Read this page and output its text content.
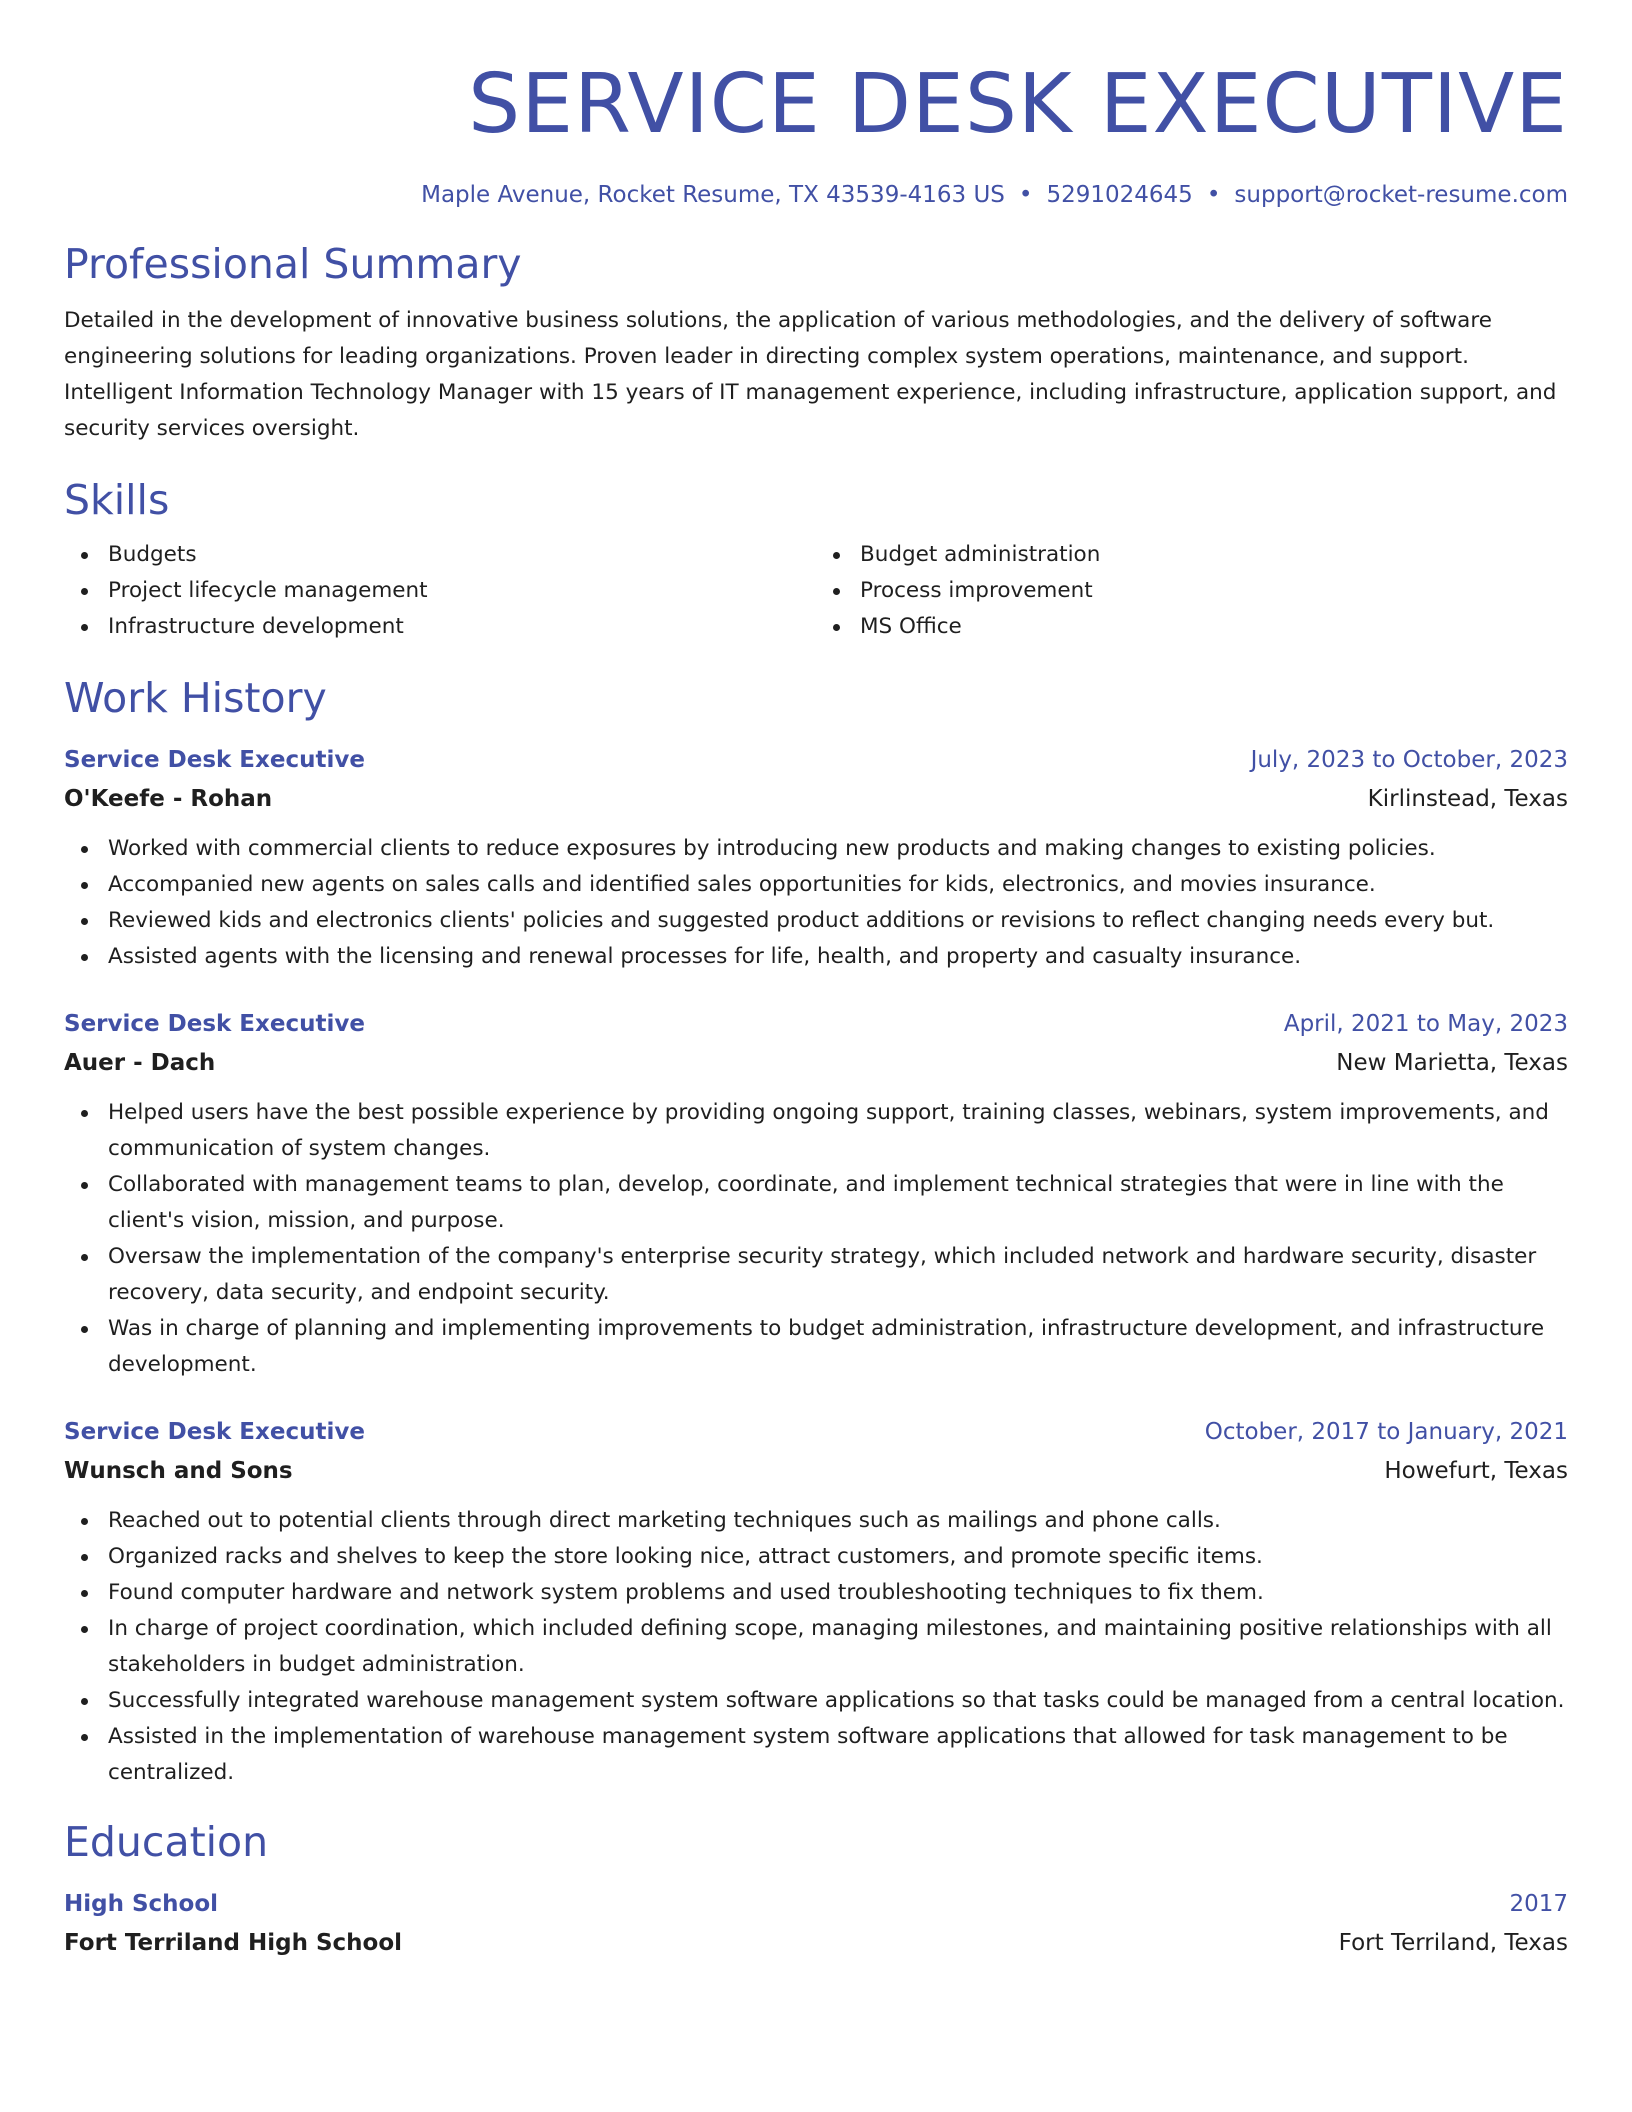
SERVICE DESK EXECUTIVE
Maple Avenue, Rocket Resume, TX 43539-4163 US • 5291024645 • support@rocket-resume.com
Professional Summary

Detailed in the development of innovative business solutions, the application of various methodologies, and the delivery of software engineering solutions for leading organizations. Proven leader in directing complex system operations, maintenance, and support. Intelligent Information Technology Manager with 15 years of IT management experience, including infrastructure, application support, and security services oversight.

Skills
Budgets
Project lifecycle management
Infrastructure development
Budget administration
Process improvement
MS Office
Work History
Service Desk Executive	July, 2023 to October, 2023
O'Keefe - Rohan	Kirlinstead, Texas
Worked with commercial clients to reduce exposures by introducing new products and making changes to existing policies.
Accompanied new agents on sales calls and identified sales opportunities for kids, electronics, and movies insurance.
Reviewed kids and electronics clients' policies and suggested product additions or revisions to reflect changing needs every but.
Assisted agents with the licensing and renewal processes for life, health, and property and casualty insurance.
Service Desk Executive	April, 2021 to May, 2023
Auer - Dach	New Marietta, Texas
Helped users have the best possible experience by providing ongoing support, training classes, webinars, system improvements, and communication of system changes.
Collaborated with management teams to plan, develop, coordinate, and implement technical strategies that were in line with the client's vision, mission, and purpose.
Oversaw the implementation of the company's enterprise security strategy, which included network and hardware security, disaster recovery, data security, and endpoint security.
Was in charge of planning and implementing improvements to budget administration, infrastructure development, and infrastructure development.
Service Desk Executive	October, 2017 to January, 2021
Wunsch and Sons	Howefurt, Texas
Reached out to potential clients through direct marketing techniques such as mailings and phone calls.
Organized racks and shelves to keep the store looking nice, attract customers, and promote specific items.
Found computer hardware and network system problems and used troubleshooting techniques to fix them.
In charge of project coordination, which included defining scope, managing milestones, and maintaining positive relationships with all stakeholders in budget administration.
Successfully integrated warehouse management system software applications so that tasks could be managed from a central location.
Assisted in the implementation of warehouse management system software applications that allowed for task management to be centralized.
Education
High School	2017
Fort Terriland High School	Fort Terriland, Texas
